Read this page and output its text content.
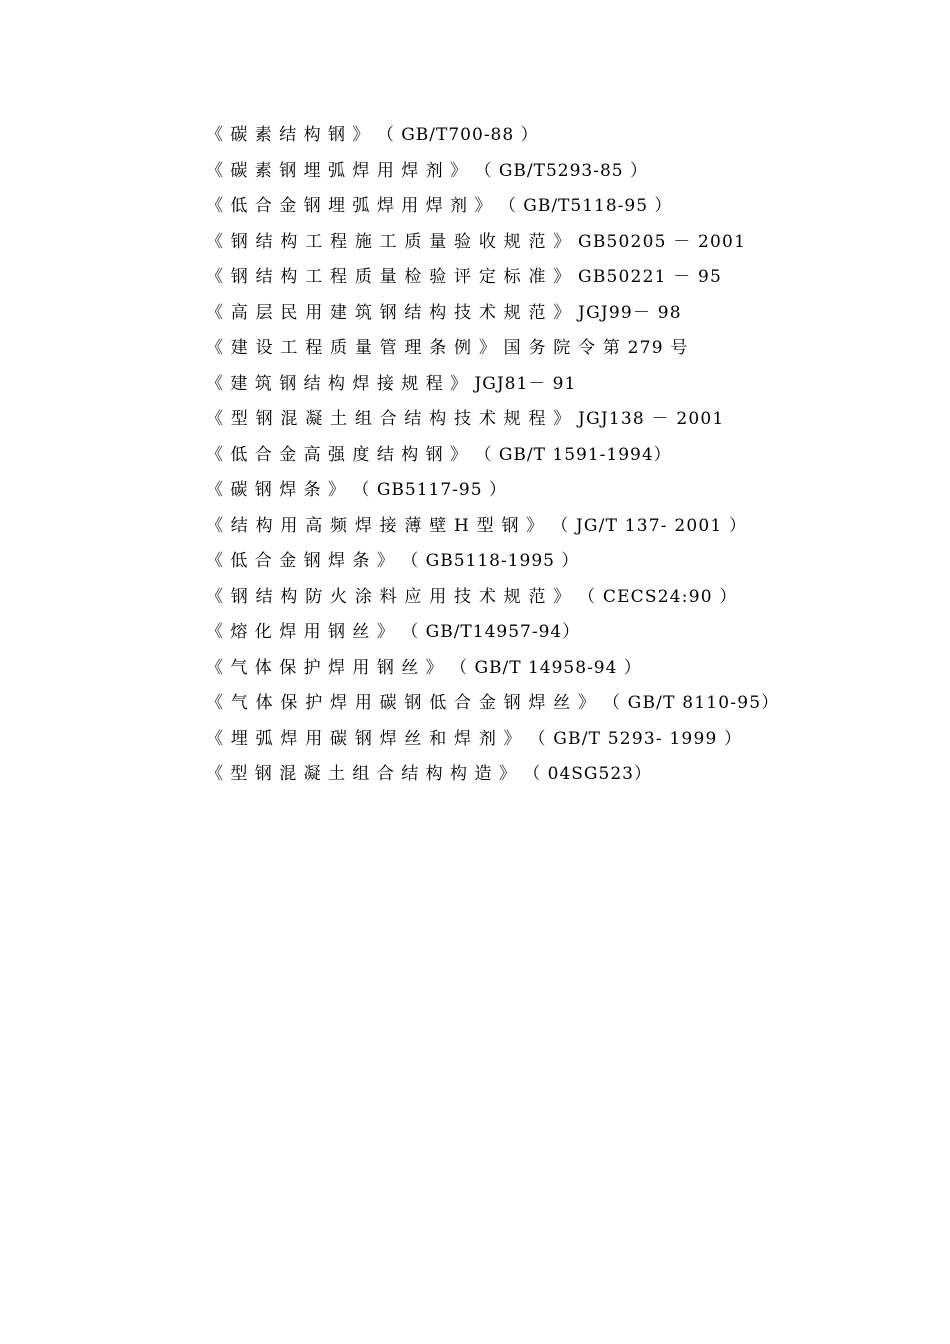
《 碳 素 结 构 钢 》 （ GB/T700-88 ）

《 碳 素 钢 埋 弧 焊 用 焊 剂 》 （ GB/T5293-85 ）

《 低 合 金 钢 埋 弧 焊 用 焊 剂 》 （ GB/T5118-95 ）

《 钢 结 构 工 程 施 工 质 量 验 收 规 范 》 GB50205 － 2001

《 钢 结 构 工 程 质 量 检 验 评 定 标 准 》 GB50221 － 95

《 高 层 民 用 建 筑 钢 结 构 技 术 规 范 》 JGJ99－ 98

《 建 设 工 程 质 量 管 理 条 例 》 国 务 院 令 第 279 号

《 建 筑 钢 结 构 焊 接 规 程 》 JGJ81－ 91

《 型 钢 混 凝 土 组 合 结 构 技 术 规 程 》 JGJ138 － 2001

《 低 合 金 高 强 度 结 构 钢 》 （ GB/T 1591-1994）

《 碳 钢 焊 条 》 （ GB5117-95 ）

《 结 构 用 高 频 焊 接 薄 壁 H 型 钢 》 （ JG/T 137- 2001 ）

《 低 合 金 钢 焊 条 》 （ GB5118-1995 ）

《 钢 结 构 防 火 涂 料 应 用 技 术 规 范 》 （ CECS24:90 ）

《 熔 化 焊 用 钢 丝 》 （ GB/T14957-94）

《 气 体 保 护 焊 用 钢 丝 》 （ GB/T 14958-94 ）

《 气 体 保 护 焊 用 碳 钢 低 合 金 钢 焊 丝 》 （ GB/T 8110-95）

《 埋 弧 焊 用 碳 钢 焊 丝 和 焊 剂 》 （ GB/T 5293- 1999 ）

《 型 钢 混 凝 土 组 合 结 构 构 造 》 （ 04SG523）
